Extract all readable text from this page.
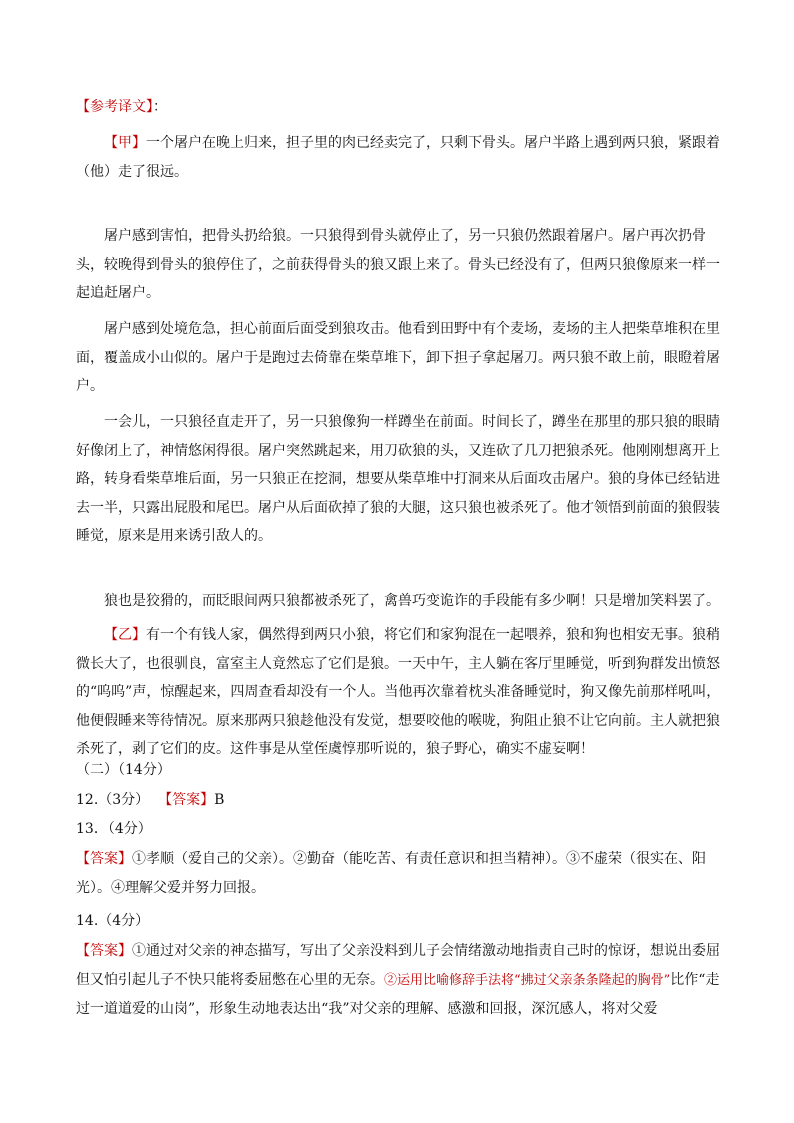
【参考译文】：

【甲】一个屠户在晚上归来，担子里的肉已经卖完了，只剩下骨头。屠户半路上遇到两只狼，紧跟着（他）走了很远。

屠户感到害怕，把骨头扔给狼。一只狼得到骨头就停止了，另一只狼仍然跟着屠户。屠户再次扔骨头，较晚得到骨头的狼停住了，之前获得骨头的狼又跟上来了。骨头已经没有了，但两只狼像原来一样一起追赶屠户。

屠户感到处境危急，担心前面后面受到狼攻击。他看到田野中有个麦场，麦场的主人把柴草堆积在里面，覆盖成小山似的。屠户于是跑过去倚靠在柴草堆下，卸下担子拿起屠刀。两只狼不敢上前，眼瞪着屠户。

一会儿，一只狼径直走开了，另一只狼像狗一样蹲坐在前面。时间长了，蹲坐在那里的那只狼的眼睛好像闭上了，神情悠闲得很。屠户突然跳起来，用刀砍狼的头，又连砍了几刀把狼杀死。他刚刚想离开上路，转身看柴草堆后面，另一只狼正在挖洞，想要从柴草堆中打洞来从后面攻击屠户。狼的身体已经钻进去一半，只露出屁股和尾巴。屠户从后面砍掉了狼的大腿，这只狼也被杀死了。他才领悟到前面的狼假装睡觉，原来是用来诱引敌人的。

狼也是狡猾的，而眨眼间两只狼都被杀死了，禽兽巧变诡诈的手段能有多少啊！只是增加笑料罢了。

【乙】有一个有钱人家，偶然得到两只小狼，将它们和家狗混在一起喂养，狼和狗也相安无事。狼稍微长大了，也很驯良，富室主人竟然忘了它们是狼。一天中午，主人躺在客厅里睡觉，听到狗群发出愤怒的“呜呜”声，惊醒起来，四周查看却没有一个人。当他再次靠着枕头准备睡觉时，狗又像先前那样吼叫，他便假睡来等待情况。原来那两只狼趁他没有发觉，想要咬他的喉咙，狗阻止狼不让它向前。主人就把狼杀死了，剥了它们的皮。这件事是从堂侄虞惇那听说的，狼子野心，确实不虚妄啊！

（二）（14分）

12.（3分） 【答案】B

13．（4分）

【答案】①孝顺（爱自己的父亲）。②勤奋（能吃苦、有责任意识和担当精神）。③不虚荣（很实在、阳光）。④理解父爱并努力回报。

14.（4分）

【答案】①通过对父亲的神态描写，写出了父亲没料到儿子会情绪激动地指责自己时的惊讶，想说出委屈但又怕引起儿子不快只能将委屈憋在心里的无奈。②运用比喻修辞手法将“拂过父亲条条隆起的胸骨”比作“走过一道道爱的山岗”，形象生动地表达出“我”对父亲的理解、感激和回报，深沉感人，将对父爱
